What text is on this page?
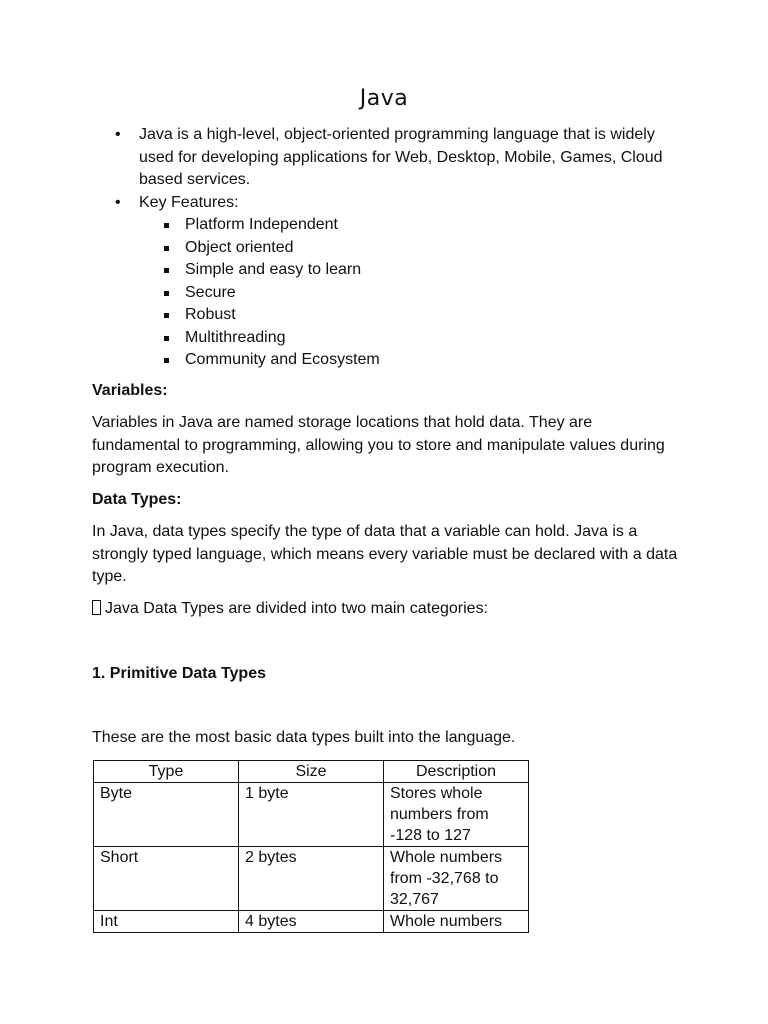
Java
• Java is a high-level, object-oriented programming language that is widely used for developing applications for Web, Desktop, Mobile, Games, Cloud based services.
• Key Features:
Platform Independent
Object oriented
Simple and easy to learn
Secure
Robust
Multithreading
Community and Ecosystem
Variables:
Variables in Java are named storage locations that hold data. They are fundamental to programming, allowing you to store and manipulate values during program execution.
Data Types:
In Java, data types specify the type of data that a variable can hold. Java is a strongly typed language, which means every variable must be declared with a data type.
Java Data Types are divided into two main categories:
1. Primitive Data Types
These are the most basic data types built into the language.
Type	Size	Description
Byte	1 byte	Stores whole numbers from -128 to 127
Short	2 bytes	Whole numbers from -32,768 to 32,767
Int	4 bytes	Whole numbers
